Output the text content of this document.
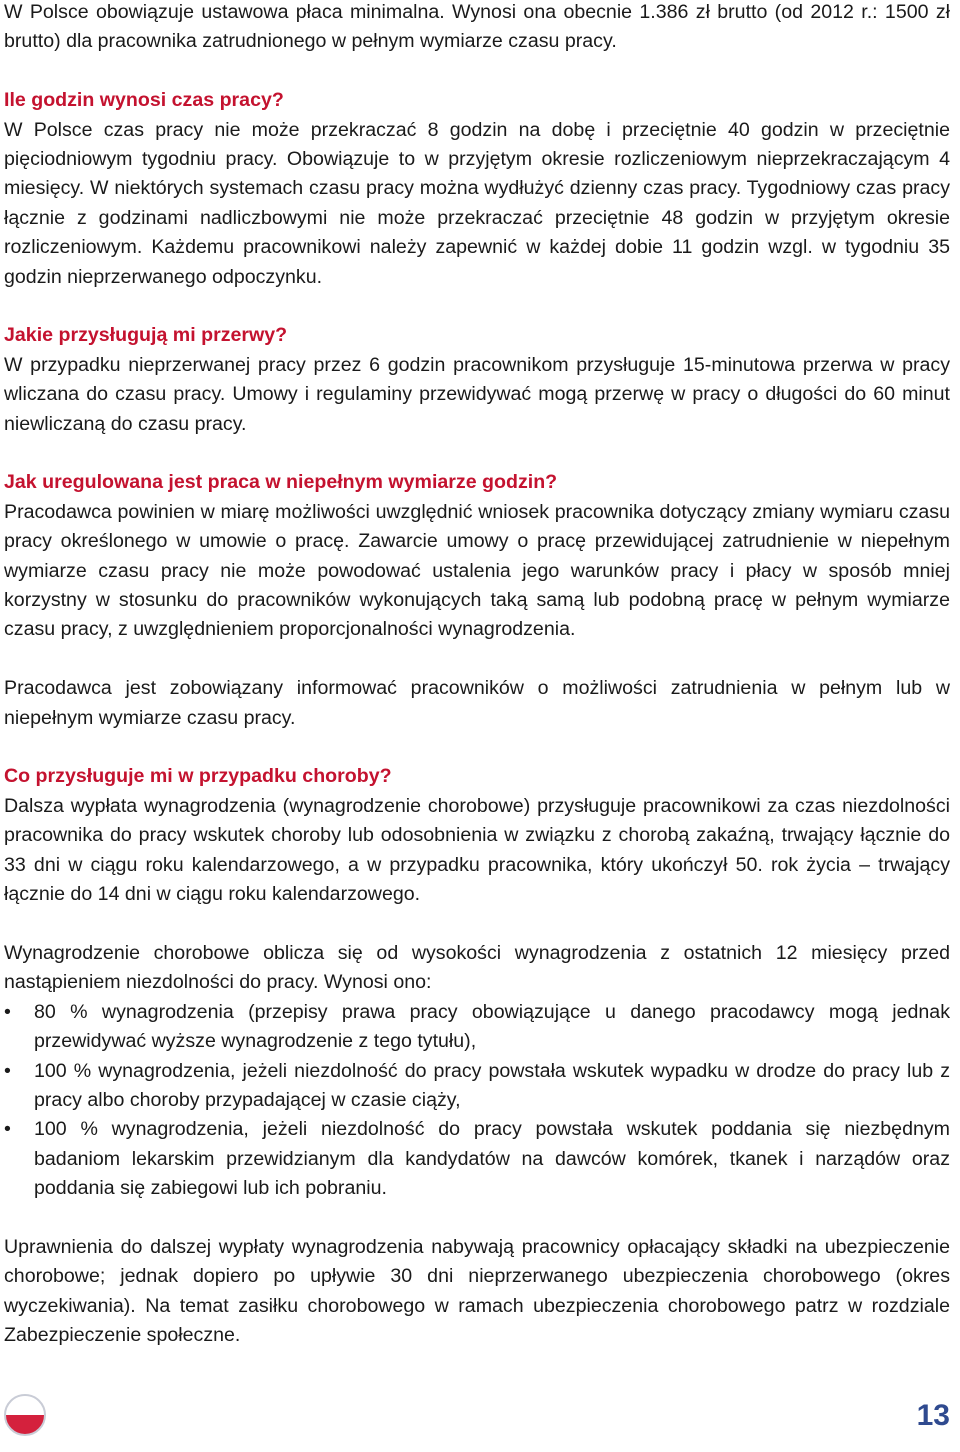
W Polsce obowiązuje ustawowa płaca minimalna. Wynosi ona obecnie 1.386 zł brutto (od 2012 r.: 1500 zł brutto) dla pracownika zatrudnionego w pełnym wymiarze czasu pracy.

Ile godzin wynosi czas pracy?

W Polsce czas pracy nie może przekraczać 8 godzin na dobę i przeciętnie 40 godzin w przeciętnie pięciodniowym tygodniu pracy. Obowiązuje to w przyjętym okresie rozliczeniowym nieprzekraczającym 4 miesięcy. W niektórych systemach czasu pracy można wydłużyć dzienny czas pracy. Tygodniowy czas pracy łącznie z godzinami nadliczbowymi nie może przekraczać przeciętnie 48 godzin w przyjętym okresie rozliczeniowym. Każdemu pracownikowi należy zapewnić w każdej dobie 11 godzin wzgl. w tygodniu 35 godzin nieprzerwanego odpoczynku.

Jakie przysługują mi przerwy?

W przypadku nieprzerwanej pracy przez 6 godzin pracownikom przysługuje 15-minutowa przerwa w pracy wliczana do czasu pracy. Umowy i regulaminy przewidywać mogą przerwę w pracy o długości do 60 minut niewliczaną do czasu pracy.

Jak uregulowana jest praca w niepełnym wymiarze godzin?

Pracodawca powinien w miarę możliwości uwzględnić wniosek pracownika dotyczący zmiany wymiaru czasu pracy określonego w umowie o pracę. Zawarcie umowy o pracę przewidującej zatrudnienie w niepełnym wymiarze czasu pracy nie może powodować ustalenia jego warunków pracy i płacy w sposób mniej korzystny w stosunku do pracowników wykonujących taką samą lub podobną pracę w pełnym wymiarze czasu pracy, z uwzględnieniem proporcjonalności wynagrodzenia.

Pracodawca jest zobowiązany informować pracowników o możliwości zatrudnienia w pełnym lub w niepełnym wymiarze czasu pracy.

Co przysługuje mi w przypadku choroby?

Dalsza wypłata wynagrodzenia (wynagrodzenie chorobowe) przysługuje pracownikowi za czas niezdolności pracownika do pracy wskutek choroby lub odosobnienia w związku z chorobą zakaźną, trwający łącznie do 33 dni w ciągu roku kalendarzowego, a w przypadku pracownika, który ukończył 50. rok życia – trwający łącznie do 14 dni w ciągu roku kalendarzowego.

Wynagrodzenie chorobowe oblicza się od wysokości wynagrodzenia z ostatnich 12 miesięcy przed nastąpieniem niezdolności do pracy. Wynosi ono:

• 80 % wynagrodzenia (przepisy prawa pracy obowiązujące u danego pracodawcy mogą jednak przewidywać wyższe wynagrodzenie z tego tytułu),
• 100 % wynagrodzenia, jeżeli niezdolność do pracy powstała wskutek wypadku w drodze do pracy lub z pracy albo choroby przypadającej w czasie ciąży,
• 100 % wynagrodzenia, jeżeli niezdolność do pracy powstała wskutek poddania się niezbędnym badaniom lekarskim przewidzianym dla kandydatów na dawców komórek, tkanek i narządów oraz poddania się zabiegowi lub ich pobraniu.

Uprawnienia do dalszej wypłaty wynagrodzenia nabywają pracownicy opłacający składki na ubezpieczenie chorobowe; jednak dopiero po upływie 30 dni nieprzerwanego ubezpieczenia chorobowego (okres wyczekiwania). Na temat zasiłku chorobowego w ramach ubezpieczenia chorobowego patrz w rozdziale Zabezpieczenie społeczne.

13
